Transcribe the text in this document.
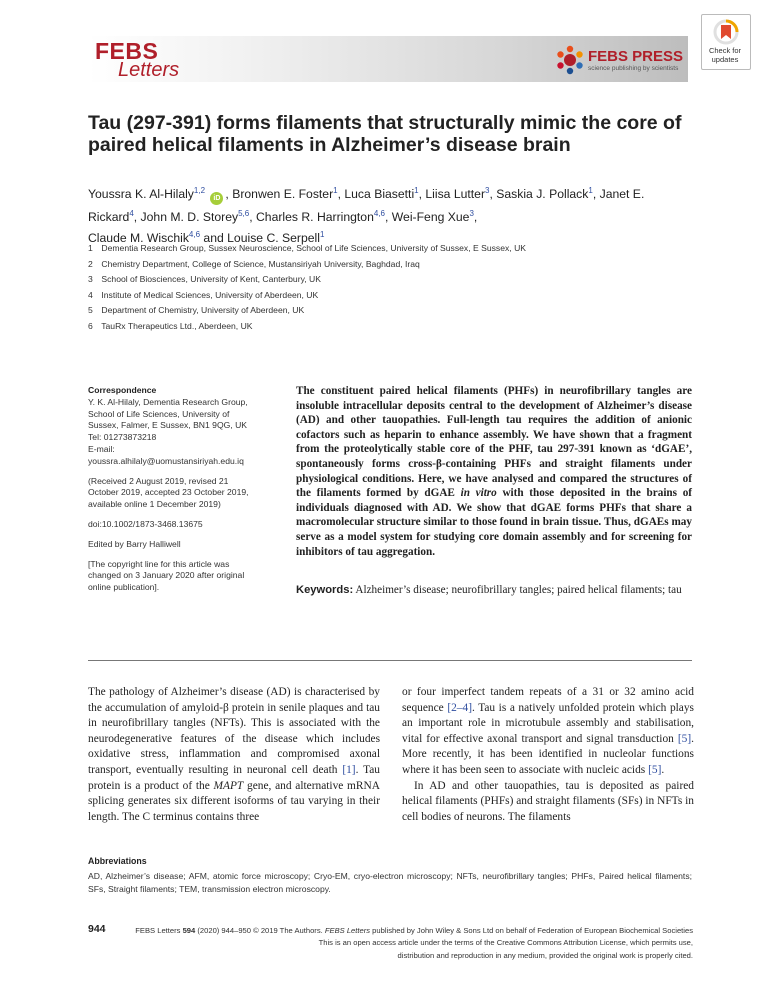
FEBS
Letters
FEBS PRESS
science publishing by scientists
Check for
updates
Tau (297-391) forms filaments that structurally mimic the core of paired helical filaments in Alzheimer’s disease brain
Youssra K. Al-Hilaly$^{1,2}$ iD , Bronwen E. Foster$^1$, Luca Biasetti$^1$, Liisa Lutter$^3$, Saskia J. Pollack$^1$, Janet E. Rickard$^4$, John M. D. Storey$^{5,6}$, Charles R. Harrington$^{4,6}$, Wei-Feng Xue$^3$,
Claude M. Wischik$^{4,6}$ and Louise C. Serpell$^1$
1 Dementia Research Group, Sussex Neuroscience, School of Life Sciences, University of Sussex, E Sussex, UK
2 Chemistry Department, College of Science, Mustansiriyah University, Baghdad, Iraq
3 School of Biosciences, University of Kent, Canterbury, UK
4 Institute of Medical Sciences, University of Aberdeen, UK
5 Department of Chemistry, University of Aberdeen, UK
6 TauRx Therapeutics Ltd., Aberdeen, UK
Correspondence
Y. K. Al-Hilaly, Dementia Research Group,
School of Life Sciences, University of
Sussex, Falmer, E Sussex, BN1 9QG, UK
Tel: 01273873218
E-mail:
youssra.alhilaly@uomustansiriyah.edu.iq
(Received 2 August 2019, revised 21
October 2019, accepted 23 October 2019,
available online 1 December 2019)
doi:10.1002/1873-3468.13675
Edited by Barry Halliwell
[The copyright line for this article was
changed on 3 January 2020 after original
online publication].
The constituent paired helical filaments (PHFs) in neurofibrillary tangles are insoluble intracellular deposits central to the development of Alzheimer’s disease (AD) and other tauopathies. Full-length tau requires the addition of anionic cofactors such as heparin to enhance assembly. We have shown that a fragment from the proteolytically stable core of the PHF, tau 297-391 known as ‘dGAE’, spontaneously forms cross-β-containing PHFs and straight filaments under physiological conditions. Here, we have analysed and compared the structures of the filaments formed by dGAE in vitro with those deposited in the brains of individuals diagnosed with AD. We show that dGAE forms PHFs that share a macromolecular structure similar to those found in brain tissue. Thus, dGAEs may serve as a model system for studying core domain assembly and for screening for inhibitors of tau aggregation.
Keywords: Alzheimer’s disease; neurofibrillary tangles; paired helical filaments; tau
The pathology of Alzheimer’s disease (AD) is characterised by the accumulation of amyloid-β protein in senile plaques and tau in neurofibrillary tangles (NFTs). This is associated with the neurodegenerative features of the disease which includes oxidative stress, inflammation and compromised axonal transport, eventually resulting in neuronal cell death [1]. Tau protein is a product of the MAPT gene, and alternative mRNA splicing generates six different isoforms of tau varying in their length. The C terminus contains three

or four imperfect tandem repeats of a 31 or 32 amino acid sequence [2–4]. Tau is a natively unfolded protein which plays an important role in microtubule assembly and stabilisation, vital for effective axonal transport and signal transduction [5]. More recently, it has been identified in nucleolar functions where it has been seen to associate with nucleic acids [5].

In AD and other tauopathies, tau is deposited as paired helical filaments (PHFs) and straight filaments (SFs) in NFTs in cell bodies of neurons. The filaments

Abbreviations
AD, Alzheimer’s disease; AFM, atomic force microscopy; Cryo-EM, cryo-electron microscopy; NFTs, neurofibrillary tangles; PHFs, Paired helical filaments; SFs, Straight filaments; TEM, transmission electron microscopy.
944	FEBS Letters 594 (2020) 944–950 © 2019 The Authors. FEBS Letters published by John Wiley & Sons Ltd on behalf of Federation of European Biochemical Societies
This is an open access article under the terms of the Creative Commons Attribution License, which permits use,
distribution and reproduction in any medium, provided the original work is properly cited.
